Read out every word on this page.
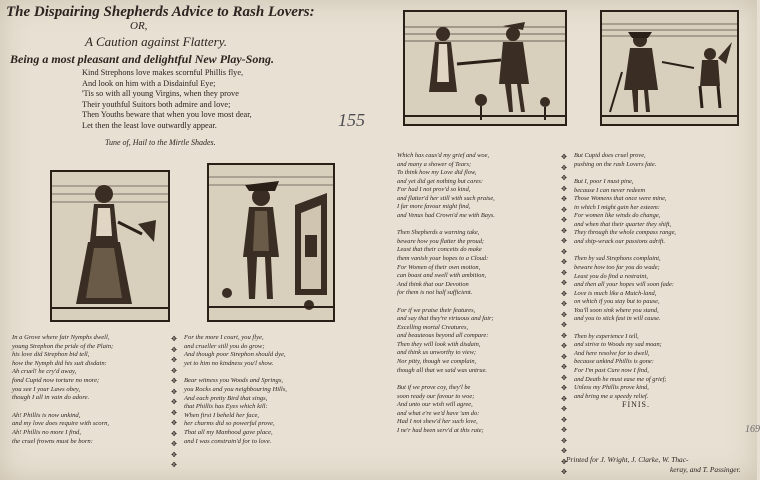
The Dispairing Shepherds Advice to Rash Lovers:
OR,
A Caution against Flattery.
Being a most pleasant and delightful New Play-Song.
Kind Strephons love makes scornful Phillis flye,
And look on him with a Disdainful Eye;
'Tis so with all young Virgins, when they prove
Their youthful Suitors both admire and love;
Then Youths beware that when you love most dear,
Let then the least love outwardly appear.
Tune of, Hail to the Mirtle Shades.
155

In a Grove where fair Nymphs dwell,

young Strephon the pride of the Plain;

his love did Strephon bid tell,

how the Nymph did his suit disdain:

Ah cruel! he cry'd away,

fond Cupid now torture no more;

you see I your Laws obey,

though I all in vain do adore.

Ah! Phillis is now unkind,

and my love does require with scorn,

Ah! Phillis no more I find,

the cruel frowns must be born:

✥
✥
✥
✥
✥
✥
✥
✥
✥
✥
✥
✥
✥

For the more I court, you flye,

and crueller still you do grow;

And though poor Strephon should dye,

yet to him no kindness you'l show.

Bear witness you Woods and Springs,

you Rocks and you neighbouring Hills,

And each pretty Bird that sings,

that Phillis has Eyes which kill:

When first I beheld her face,

her charms did so powerful prove,

That all my Manhood gave place,

and I was constrain'd for to love.

Which has caus'd my grief and woe,

and many a shower of Tears;

To think how my Love did flow,

and yet did get nothing but cares:

For had I not prov'd so kind,

and flatter'd her still with such praise,

I far more favour might find,

and Venus had Crown'd me with Bays.

Then Shepherds a warning take,

beware how you flatter the proud;

Least that their conceits do make

them vanish your hopes to a Cloud:

For Women of their own motion,

can boast and swell with ambition,

And think that our Devotion

for them is not half sufficient.

For if we praise their features,

and say that they're virtuous and fair;

Excelling mortal Creatures,

and beauteous beyond all compare:

Then they will look with disdain,

and think us unworthy to view;

Nor pitty, though we complain,

though all that we said was untrue.

But if we prove coy, they'l be

soon ready our favour to woe;

And unto our wish will agree,

and what e're we'd have 'um do:

Had I not shew'd her such love,

I ne'r had been serv'd at this rate;

✥
✥
✥
✥
✥
✥
✥
✥
✥
✥
✥
✥
✥
✥
✥
✥
✥
✥
✥
✥
✥
✥
✥
✥
✥
✥
✥
✥
✥
✥
✥

But Cupid does cruel prove,

pushing on the rash Lovers fate.

But I, poor I must pine,

because I can never redeem

Those Womens that once were mine,

in which I might gain her esteem:

For women like winds do change,

and when that their quarter they shift,

They through the whole compass range,

and ship-wrack our passions adrift.

Then by sad Strephons complaint,

beware how too far you do wade;

Least you do find a restraint,

and then all your hopes will soon fade:

Love is much like a Mutch-land,

on which if you stay but to pause,

You'll soon sink where you stand,

and you to stick fast in will cause.

Then by experience I tell,

and strive to Woods my sad moan;

And here resolve for to dwell,

because unkind Phillis is gone:

For I'm past Cure now I find,

and Death he must ease me of grief;

Unless my Phillis prove kind,

and bring me a speedy relief.

FINIS.

Printed for J. Wright, J. Clarke, W. Thac-
keray, and T. Passinger.
169
